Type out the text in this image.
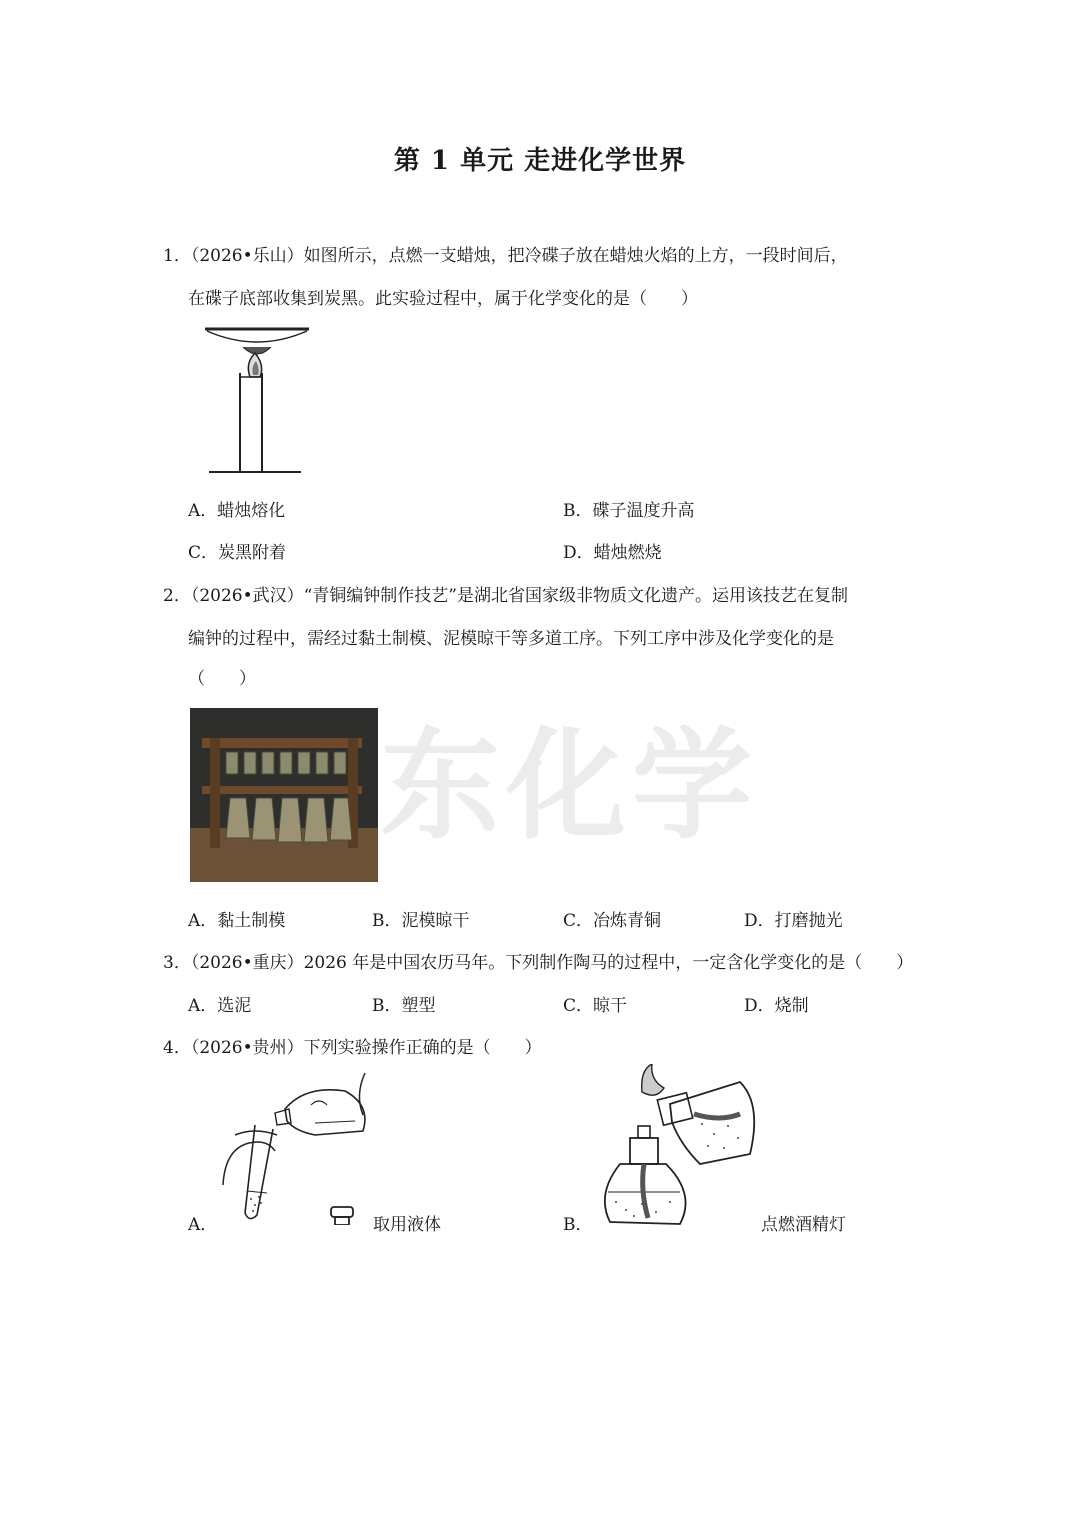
东化学
第 1 单元 走进化学世界
1．（2026•乐山）如图所示，点燃一支蜡烛，把冷碟子放在蜡烛火焰的上方，一段时间后，
在碟子底部收集到炭黑。此实验过程中，属于化学变化的是（　　）
A．蜡烛熔化	B．碟子温度升高
C．炭黑附着	D．蜡烛燃烧
2．（2026•武汉）“青铜编钟制作技艺”是湖北省国家级非物质文化遗产。运用该技艺在复制
编钟的过程中，需经过黏土制模、泥模晾干等多道工序。下列工序中涉及化学变化的是
（　　）
A．黏土制模	B．泥模晾干	C．冶炼青铜	D．打磨抛光
3．（2026•重庆）2026 年是中国农历马年。下列制作陶马的过程中，一定含化学变化的是（　　）
A．选泥	B．塑型	C．晾干	D．烧制
4．（2026•贵州）下列实验操作正确的是（　　）
A．	取用液体	B．	点燃酒精灯
